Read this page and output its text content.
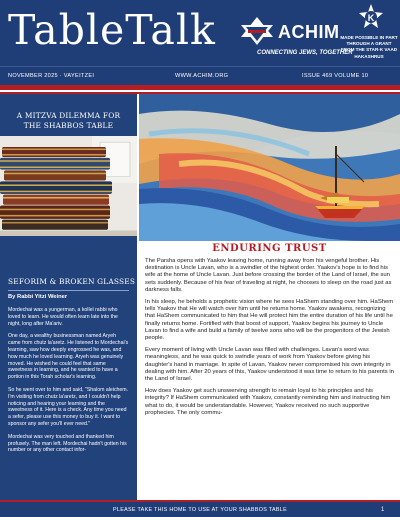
TableTalk	ACHIM
CONNECTING JEWS, TOGETHER
K
MADE POSSIBLE IN PART THROUGH A GRANT FROM THE STAR-K VAAD HAKASHRUS
NOVEMBER 2025 · VAYEITZEI	WWW.ACHIM.ORG	ISSUE 469 VOLUME 10
A MITZVA DILEMMA FOR THE SHABBOS TABLE
SEFORIM & BROKEN GLASSES
By Rabbi Yitzi Weiner

Mordechai was a yungerman, a kollel rabbi who loved to learn. He would often learn late into the night, long after Ma'ariv.

One day, a wealthy businessman named Aryeh came from chutz la'aretz. He listened to Mordechai's learning, saw how deeply engrossed he was, and how much he loved learning. Aryeh was genuinely moved. He wished he could feel that same sweetness in learning, and he wanted to have a portion in this Torah scholar's learning.

So he went over to him and said, "Shalom aleichem. I'm visiting from chutz la'aretz, and I couldn't help noticing and hearing your learning and the sweetness of it. Here is a check. Any time you need a sefer, please use this money to buy it. I want to sponsor any sefer you'll ever need."

Mordechai was very touched and thanked him profusely. The man left. Mordechai hadn't gotten his number or any other contact infor-

ENDURING TRUST

The Parsha opens with Yaakov leaving home, running away from his vengeful brother. His destination is Uncle Lavan, who is a swindler of the highest order. Yaakov's hope is to find his wife at the home of Uncle Lavan. Just before crossing the border of the Land of Israel, the sun sets suddenly. Because of his fear of traveling at night, he chooses to sleep on the road just as darkness falls.

In his sleep, he beholds a prophetic vision where he sees HaShem standing over him. HaShem tells Yaakov that He will watch over him until he returns home. Yaakov awakens, recognizing that HaShem communicated to him that He will protect him the entire duration of his life until he finally returns home. Fortified with that boost of support, Yaakov begins his journey to Uncle Lavan to find a wife and build a family of twelve sons who will be the progenitors of the Jewish people.

Every moment of living with Uncle Lavan was filled with challenges. Lavan's word was meaningless, and he was quick to swindle years of work from Yaakov before giving his daughter's hand in marriage. In spite of Lavan, Yaakov never compromised his own integrity in dealing with him. After 20 years of this, Yaakov understood it was time to return to his parents in the Land of Israel.

How does Yaakov get such unswerving strength to remain loyal to his principles and his integrity? If HaShem communicated with Yaakov, constantly reminding him and instructing him what to do, it would be understandable. However, Yaakov received no such supportive prophecies. The only commu-

PLEASE TAKE THIS HOME TO USE AT YOUR SHABBOS TABLE	1
